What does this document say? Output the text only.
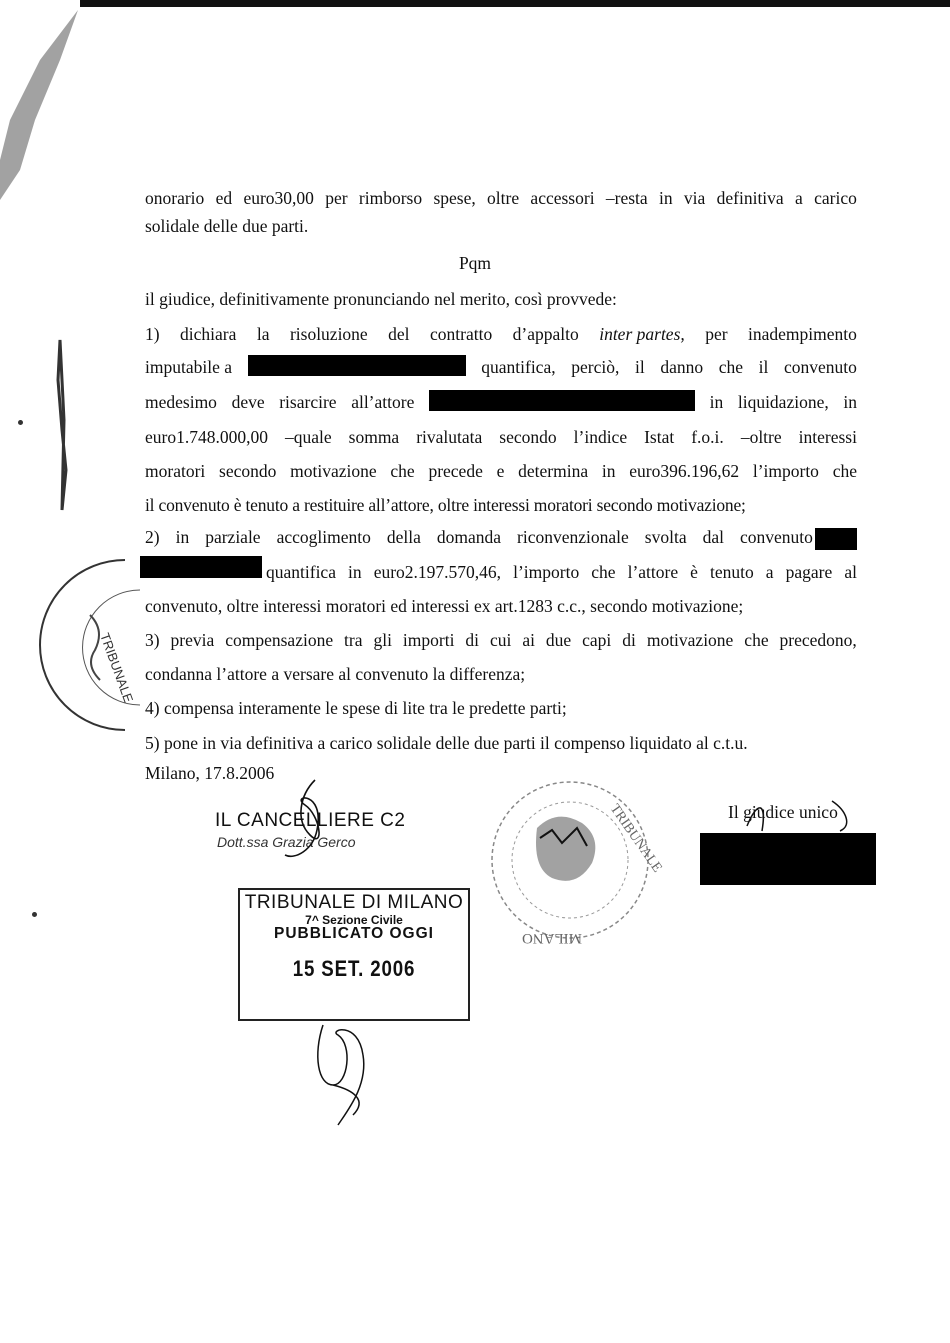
onorario ed euro30,00 per rimborso spese, oltre accessori –resta in via definitiva a carico
solidale delle due parti.
Pqm
il giudice, definitivamente pronunciando nel merito, così provvede:
1) dichiara la risoluzione del contratto d’appalto inter partes, per inadempimento
imputabile a	quantifica, perciò, il danno che il convenuto
medesimo deve risarcire all’attore	in liquidazione, in
euro1.748.000,00 –quale somma rivalutata secondo l’indice Istat f.o.i. –oltre interessi
moratori secondo motivazione che precede e determina in euro396.196,62 l’importo che
il convenuto è tenuto a restituire all’attore, oltre interessi moratori secondo motivazione;
2) in parziale accoglimento della domanda riconvenzionale svolta dal convenuto
quantifica in euro2.197.570,46, l’importo che l’attore è tenuto a pagare al
convenuto, oltre interessi moratori ed interessi ex art.1283 c.c., secondo motivazione;
3) previa compensazione tra gli importi di cui ai due capi di motivazione che precedono,
condanna l’attore a versare al convenuto la differenza;
4) compensa interamente le spese di lite tra le predette parti;
5) pone in via definitiva a carico solidale delle due parti il compenso liquidato al c.t.u.
Milano, 17.8.2006
TRIBUNALE
IL CANCELLIERE C2
Dott.ssa Grazia Gerco
TRIBUNALE DI MILANO
7^ Sezione Civile
PUBBLICATO OGGI
15 SET. 2006
TRIBUNALE
MILANO
Il giudice unico
